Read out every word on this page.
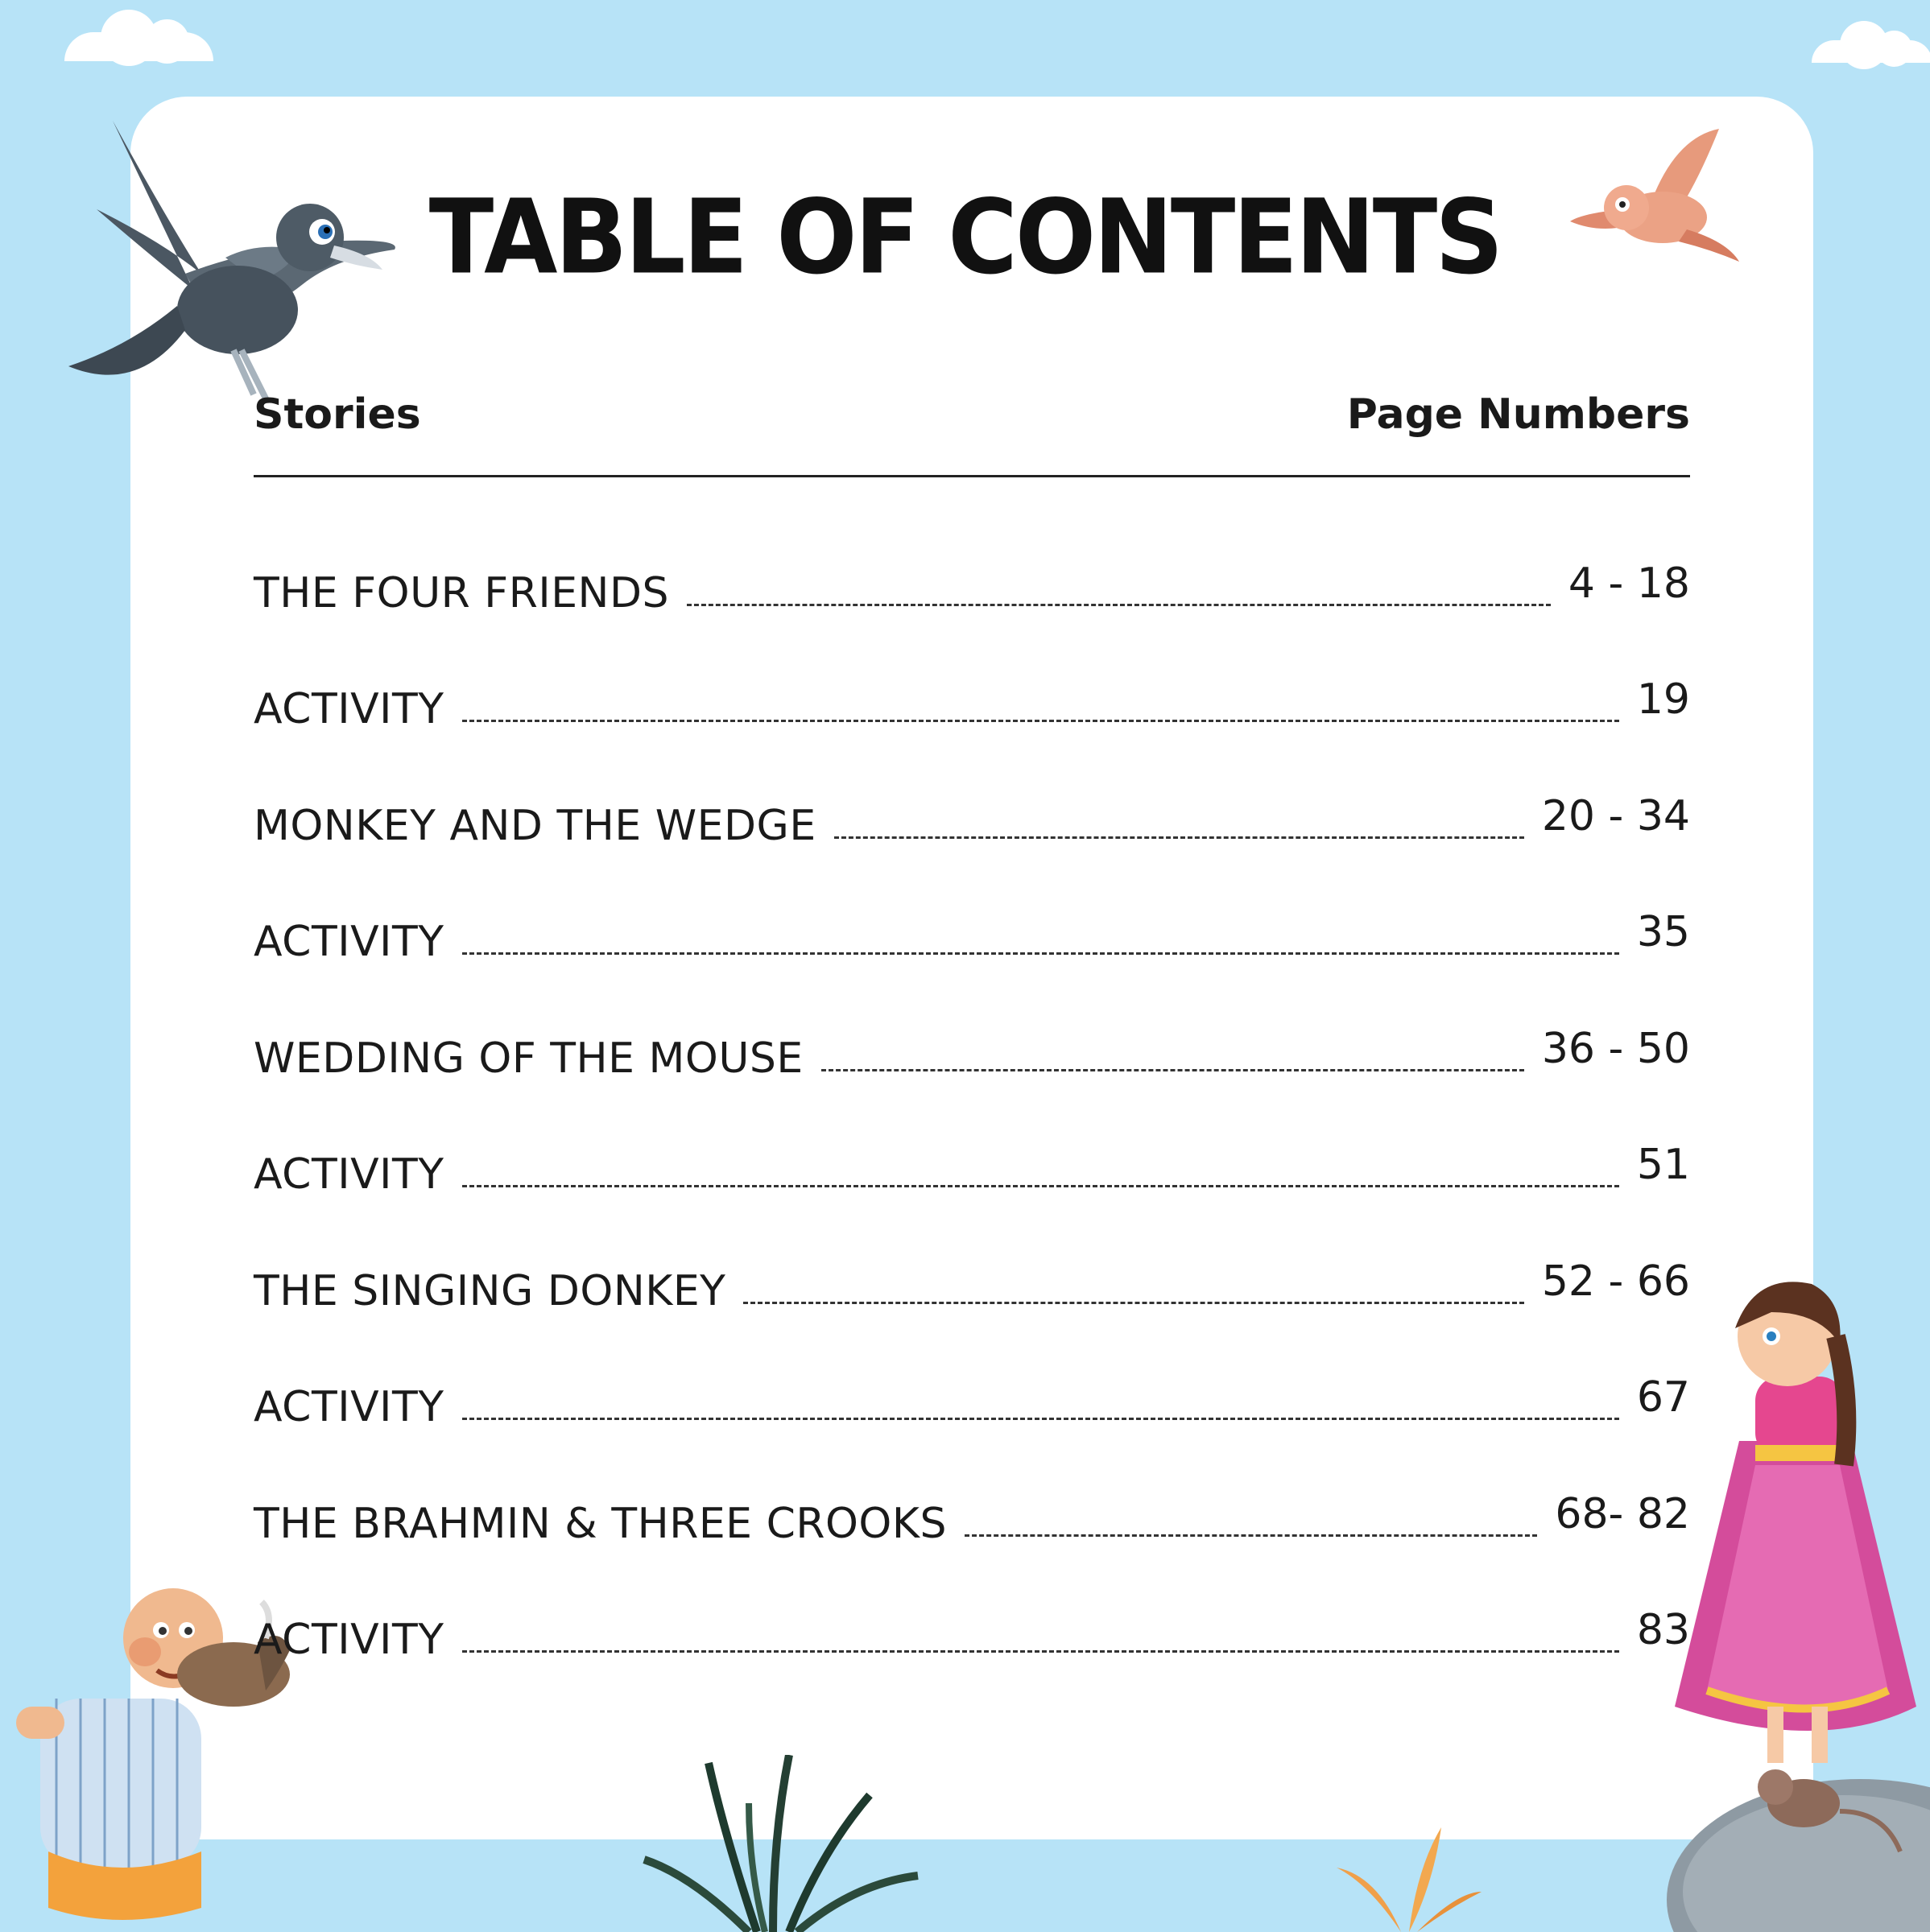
TABLE OF CONTENTS
Stories	Page Numbers
THE FOUR FRIENDS	4 - 18
ACTIVITY	19
MONKEY AND THE WEDGE	20 - 34
ACTIVITY	35
WEDDING OF THE MOUSE	36 - 50
ACTIVITY	51
THE SINGING DONKEY	52 - 66
ACTIVITY	67
THE BRAHMIN & THREE CROOKS	68- 82
ACTIVITY	83
